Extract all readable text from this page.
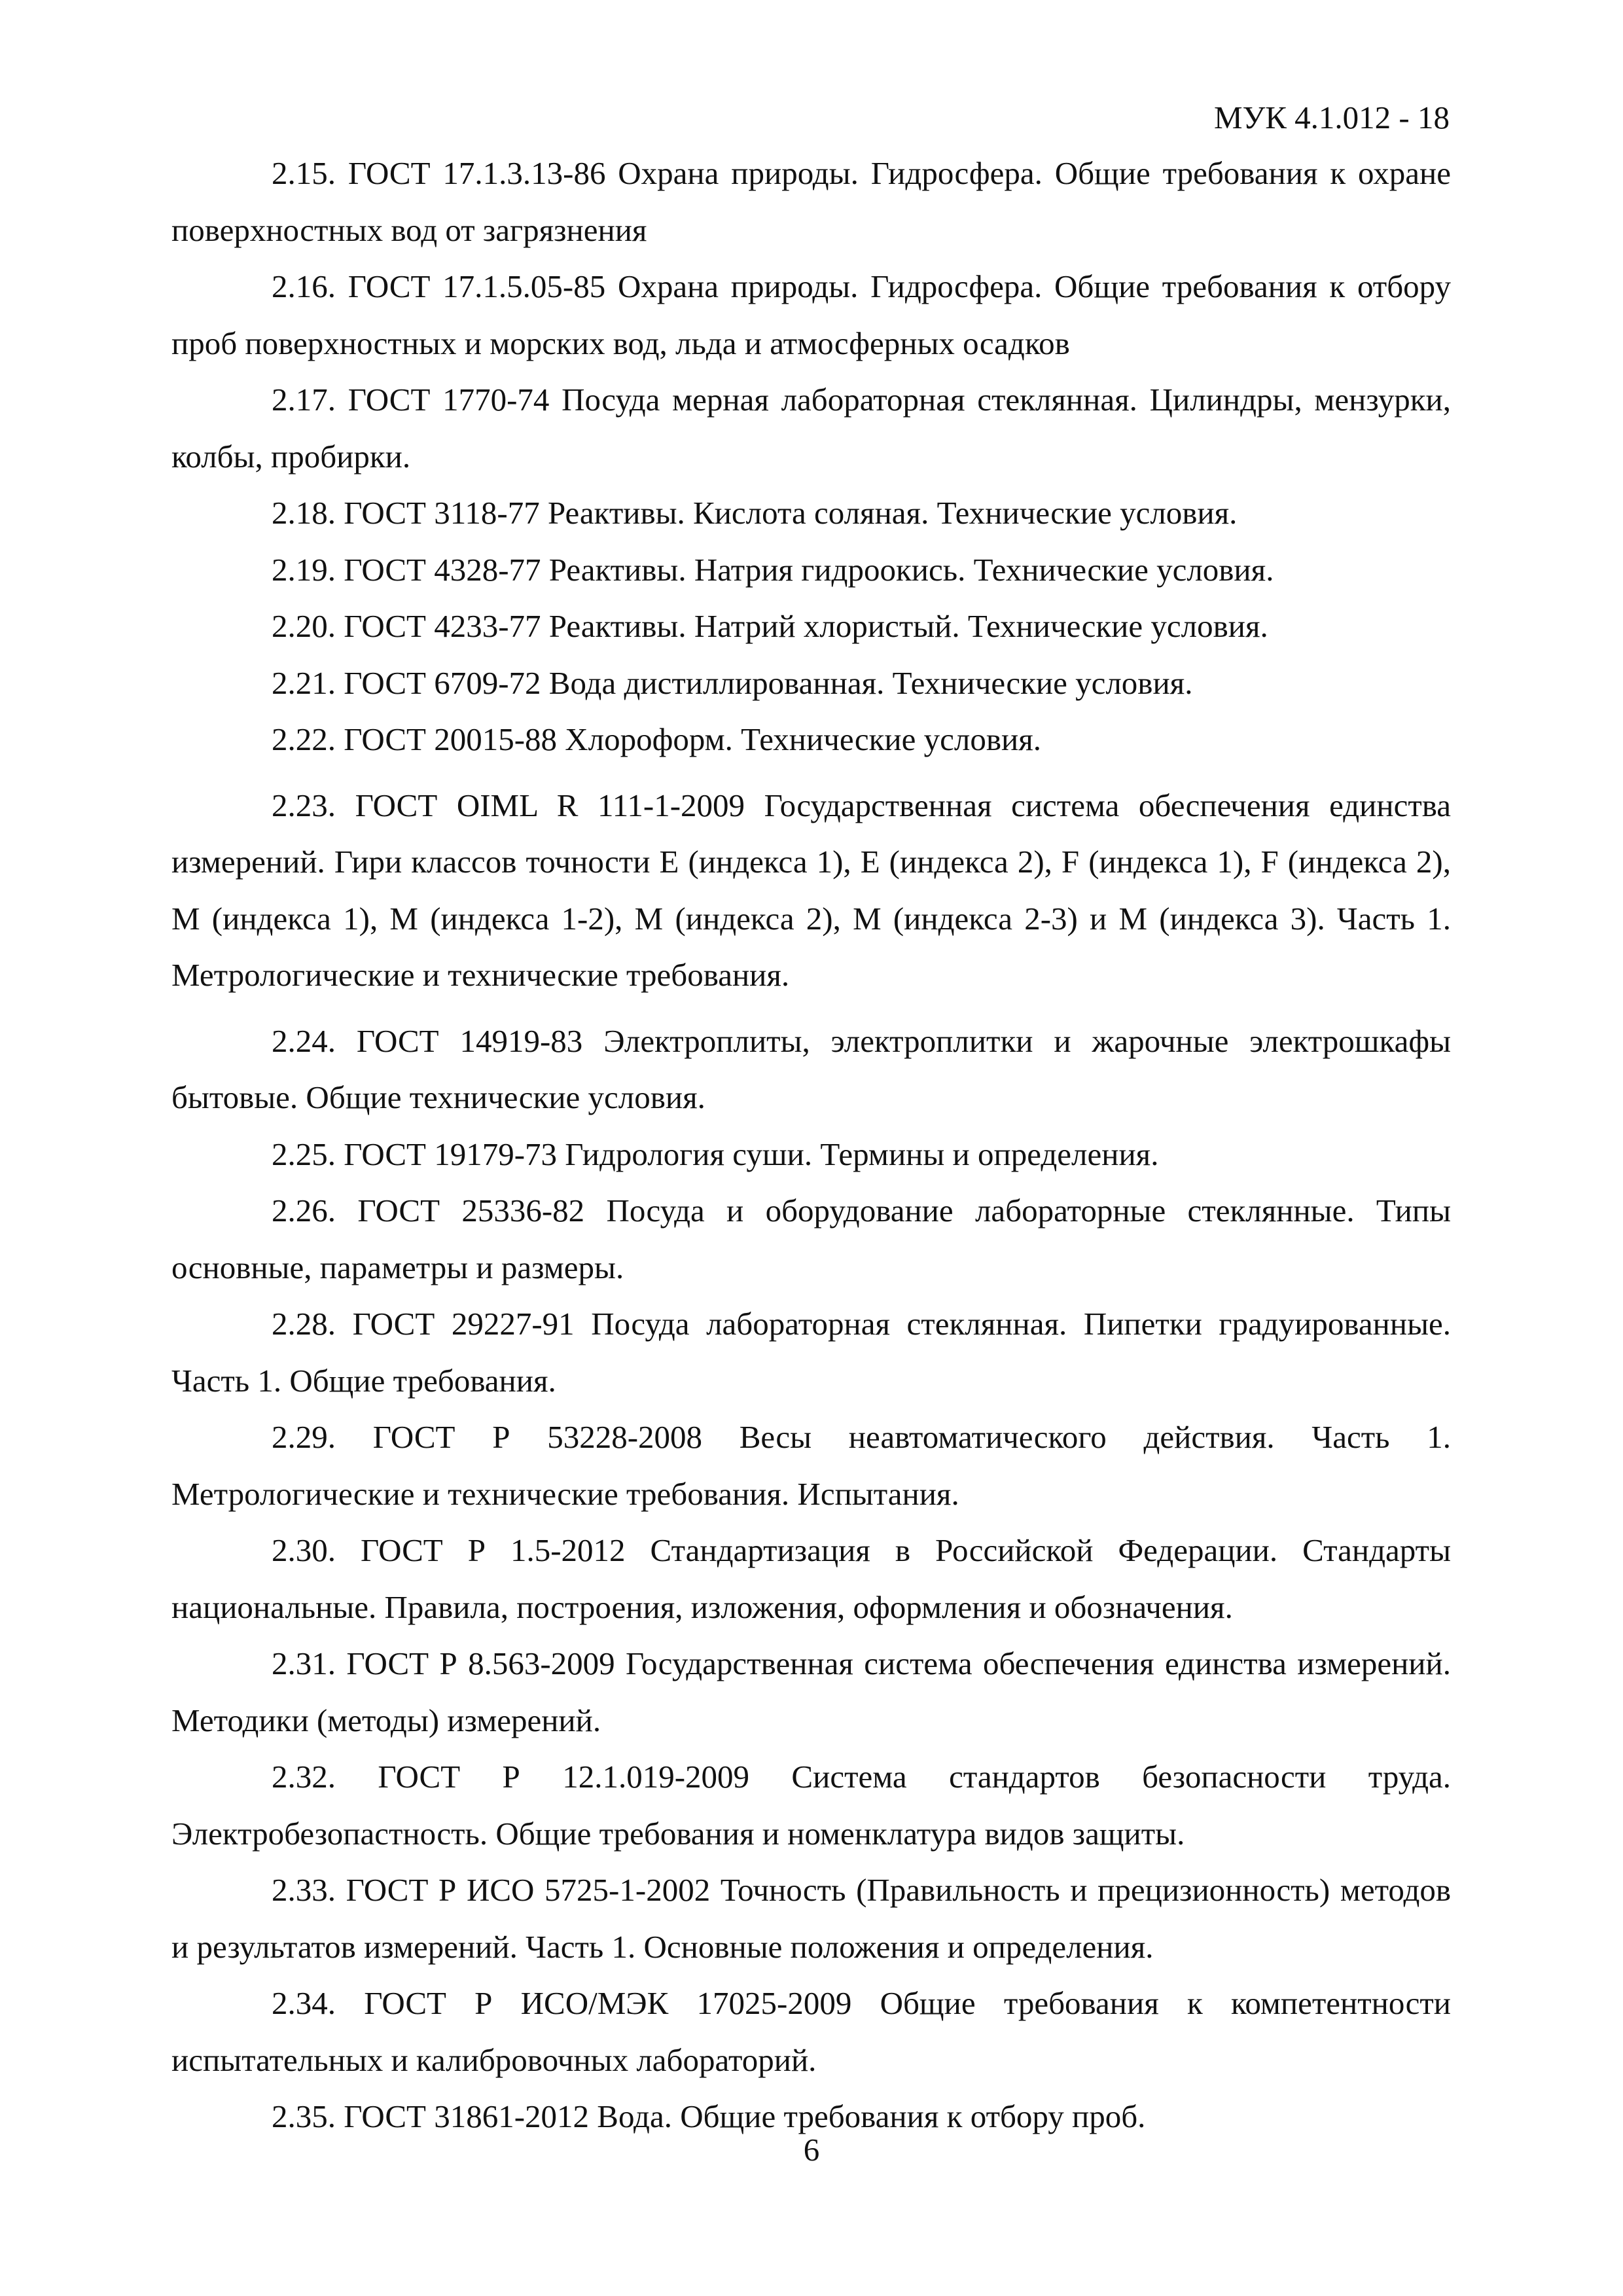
МУК 4.1.012 - 18

2.15. ГОСТ 17.1.3.13-86 Охрана природы. Гидросфера. Общие требования к охране поверхностных вод от загрязнения

2.16. ГОСТ 17.1.5.05-85 Охрана природы. Гидросфера. Общие требования к отбору проб поверхностных и морских вод, льда и атмосферных осадков

2.17. ГОСТ 1770-74 Посуда мерная лабораторная стеклянная. Цилиндры, мензурки, колбы, пробирки.

2.18. ГОСТ 3118-77 Реактивы. Кислота соляная. Технические условия.

2.19. ГОСТ 4328-77 Реактивы. Натрия гидроокись. Технические условия.

2.20. ГОСТ 4233-77 Реактивы. Натрий хлористый. Технические условия.

2.21. ГОСТ 6709-72 Вода дистиллированная. Технические условия.

2.22. ГОСТ 20015-88 Хлороформ. Технические условия.

2.23. ГОСТ OIML R 111-1-2009 Государственная система обеспечения единства измерений. Гири классов точности E (индекса 1), E (индекса 2), F (индекса 1), F (индекса 2), M (индекса 1), M (индекса 1-2), M (индекса 2), M (индекса 2-3) и M (индекса 3). Часть 1. Метрологические и технические требования.

2.24. ГОСТ 14919-83 Электроплиты, электроплитки и жарочные электрошкафы бытовые. Общие технические условия.

2.25. ГОСТ 19179-73 Гидрология суши. Термины и определения.

2.26. ГОСТ 25336-82 Посуда и оборудование лабораторные стеклянные. Типы основные, параметры и размеры.

2.28. ГОСТ 29227-91 Посуда лабораторная стеклянная. Пипетки градуированные. Часть 1. Общие требования.

2.29. ГОСТ Р 53228-2008 Весы неавтоматического действия. Часть 1. Метрологические и технические требования. Испытания.

2.30. ГОСТ Р 1.5-2012 Стандартизация в Российской Федерации. Стандарты национальные. Правила, построения, изложения, оформления и обозначения.

2.31. ГОСТ Р 8.563-2009 Государственная система обеспечения единства измерений. Методики (методы) измерений.

2.32. ГОСТ Р 12.1.019-2009 Система стандартов безопасности труда. Электробезопастность. Общие требования и номенклатура видов защиты.

2.33. ГОСТ Р ИСО 5725-1-2002 Точность (Правильность и прецизионность) методов и результатов измерений. Часть 1. Основные положения и определения.

2.34. ГОСТ Р ИСО/МЭК 17025-2009 Общие требования к компетентности испытательных и калибровочных лабораторий.

2.35. ГОСТ 31861-2012 Вода. Общие требования к отбору проб.

6
